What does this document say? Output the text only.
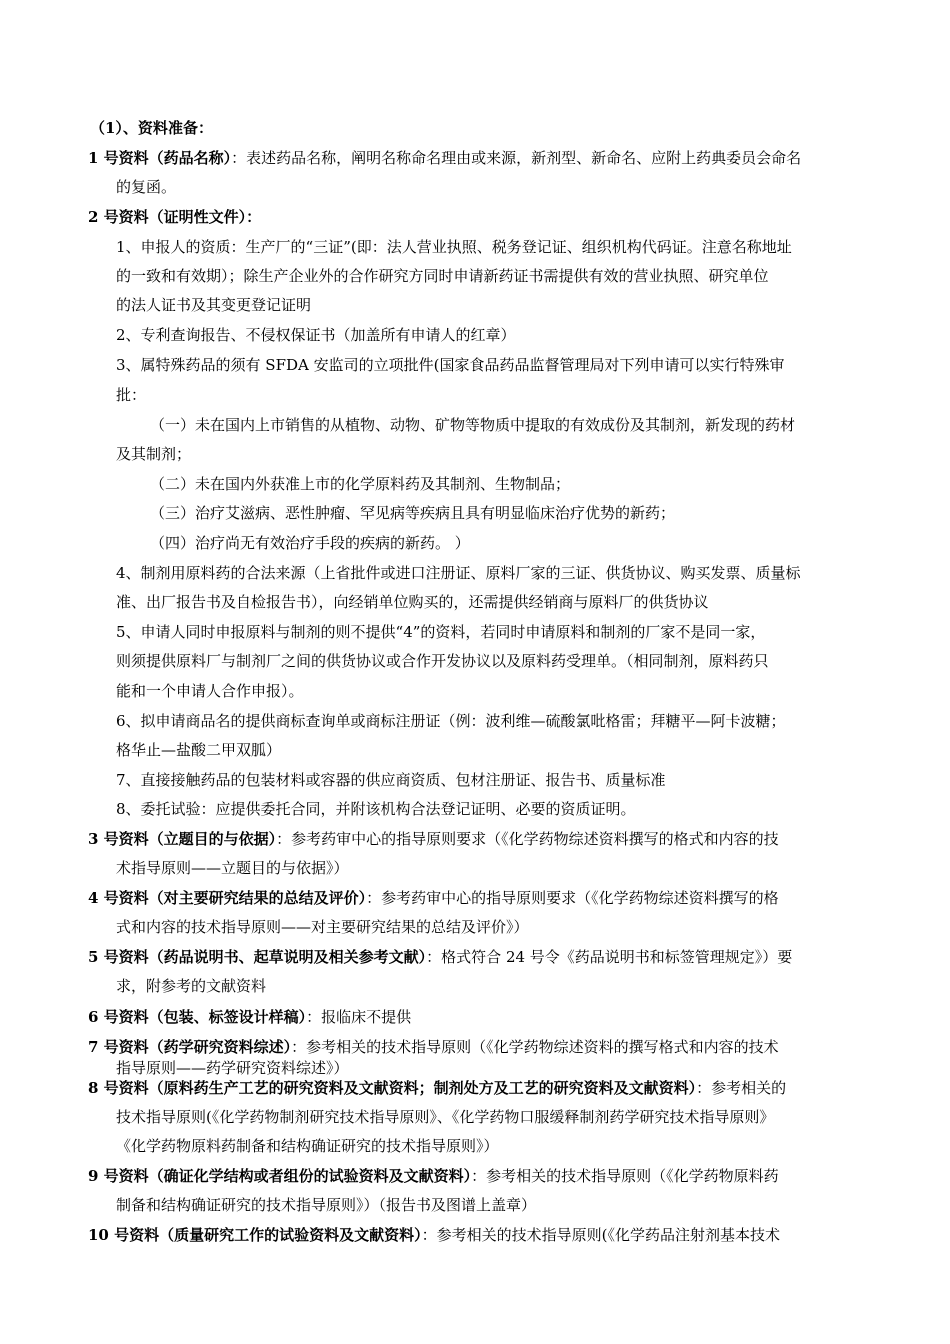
（1）、资料准备：
1 号资料（药品名称）：表述药品名称，阐明名称命名理由或来源，新剂型、新命名、应附上药典委员会命名
的复函。
2 号资料（证明性文件）：
1、申报人的资质：生产厂的“三证”(即：法人营业执照、税务登记证、组织机构代码证。注意名称地址
的一致和有效期）；除生产企业外的合作研究方同时申请新药证书需提供有效的营业执照、研究单位
的法人证书及其变更登记证明
2、专利查询报告、不侵权保证书（加盖所有申请人的红章）
3、属特殊药品的须有 SFDA 安监司的立项批件(国家食品药品监督管理局对下列申请可以实行特殊审
批：
（一）未在国内上市销售的从植物、动物、矿物等物质中提取的有效成份及其制剂，新发现的药材
及其制剂；
（二）未在国内外获准上市的化学原料药及其制剂、生物制品；
（三）治疗艾滋病、恶性肿瘤、罕见病等疾病且具有明显临床治疗优势的新药；
（四）治疗尚无有效治疗手段的疾病的新药。 ）
4、制剂用原料药的合法来源（上省批件或进口注册证、原料厂家的三证、供货协议、购买发票、质量标
准、出厂报告书及自检报告书），向经销单位购买的，还需提供经销商与原料厂的供货协议
5、申请人同时申报原料与制剂的则不提供“4”的资料，若同时申请原料和制剂的厂家不是同一家，
则须提供原料厂与制剂厂之间的供货协议或合作开发协议以及原料药受理单。（相同制剂，原料药只
能和一个申请人合作申报）。
6、拟申请商品名的提供商标查询单或商标注册证（例：波利维—硫酸氯吡格雷；拜糖平—阿卡波糖；
格华止—盐酸二甲双胍）
7、直接接触药品的包装材料或容器的供应商资质、包材注册证、报告书、质量标准
8、委托试验：应提供委托合同，并附该机构合法登记证明、必要的资质证明。
3 号资料（立题目的与依据）：参考药审中心的指导原则要求（《化学药物综述资料撰写的格式和内容的技
术指导原则——立题目的与依据》）
4 号资料（对主要研究结果的总结及评价）：参考药审中心的指导原则要求（《化学药物综述资料撰写的格
式和内容的技术指导原则——对主要研究结果的总结及评价》）
5 号资料（药品说明书、起草说明及相关参考文献）：格式符合 24 号令《药品说明书和标签管理规定》）要
求，附参考的文献资料
6 号资料（包装、标签设计样稿）：报临床不提供
7 号资料（药学研究资料综述）：参考相关的技术指导原则（《化学药物综述资料的撰写格式和内容的技术
指导原则——药学研究资料综述》）
8 号资料（原料药生产工艺的研究资料及文献资料；制剂处方及工艺的研究资料及文献资料）：参考相关的
技术指导原则(《化学药物制剂研究技术指导原则》、《化学药物口服缓释制剂药学研究技术指导原则》
《化学药物原料药制备和结构确证研究的技术指导原则》）
9 号资料（确证化学结构或者组份的试验资料及文献资料）：参考相关的技术指导原则（《化学药物原料药
制备和结构确证研究的技术指导原则》）（报告书及图谱上盖章）
10 号资料（质量研究工作的试验资料及文献资料）：参考相关的技术指导原则(《化学药品注射剂基本技术
